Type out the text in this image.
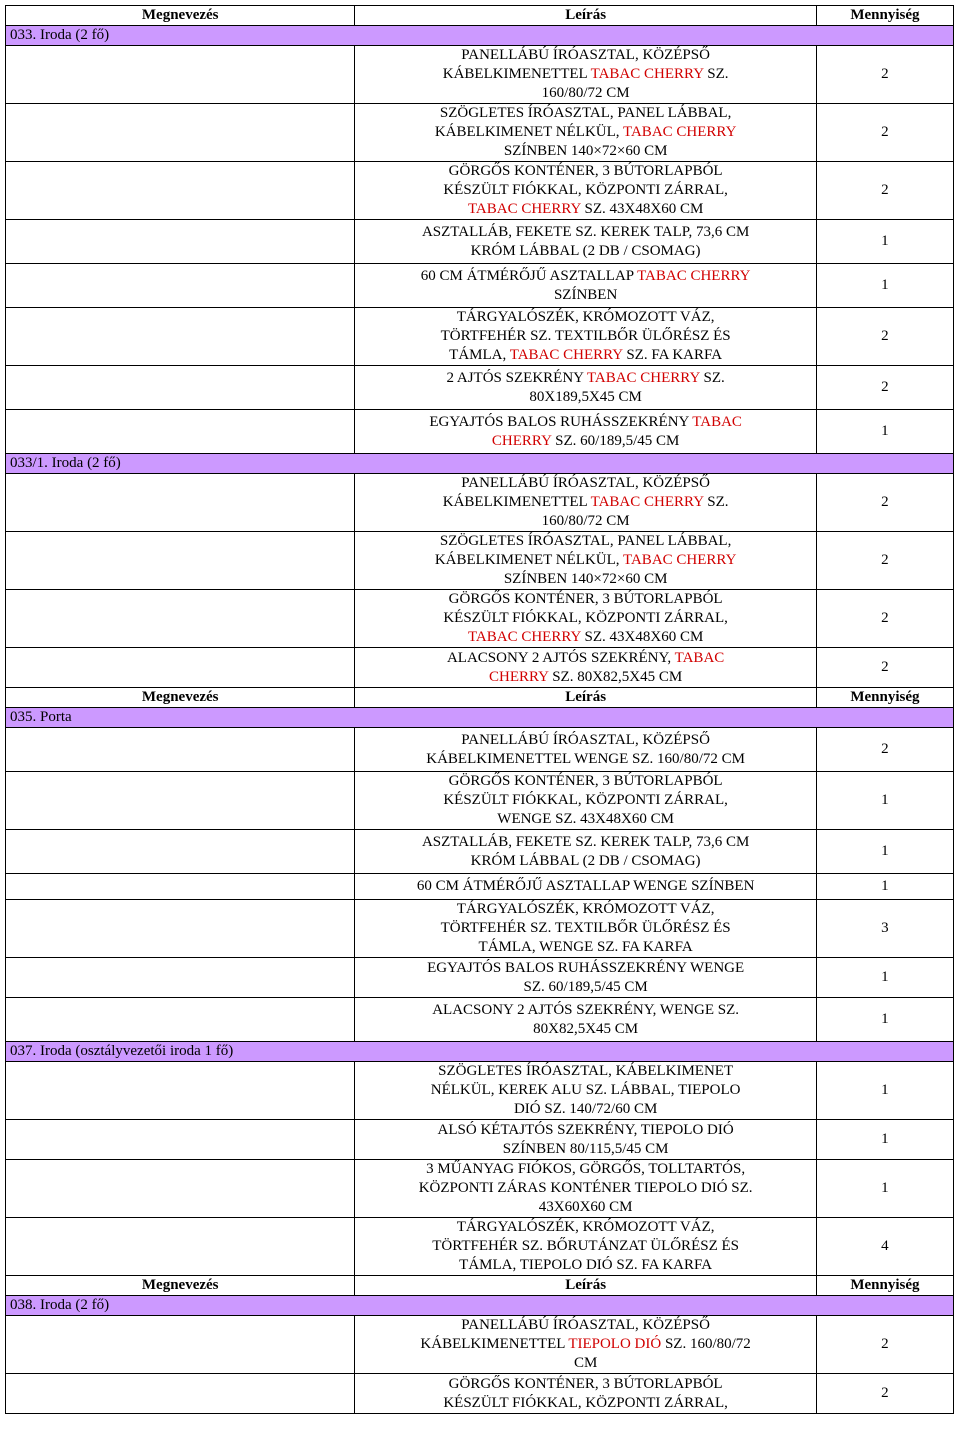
Megnevezés	Leírás	Mennyiség
033. Iroda (2 fő)		
	PANELLÁBÚ ÍRÓASZTAL, KÖZÉPSŐ
KÁBELKIMENETTEL TABAC CHERRY SZ.
160/80/72 CM	2
	SZÖGLETES ÍRÓASZTAL, PANEL LÁBBAL,
KÁBELKIMENET NÉLKÜL, TABAC CHERRY
SZÍNBEN 140×72×60 CM	2
	GÖRGŐS KONTÉNER, 3 BÚTORLAPBÓL
KÉSZÜLT FIÓKKAL, KÖZPONTI ZÁRRAL,
TABAC CHERRY SZ. 43X48X60 CM	2
	ASZTALLÁB, FEKETE SZ. KEREK TALP, 73,6 CM
KRÓM LÁBBAL (2 DB / CSOMAG)	1
	60 CM ÁTMÉRŐJŰ ASZTALLAP TABAC CHERRY
SZÍNBEN	1
	TÁRGYALÓSZÉK, KRÓMOZOTT VÁZ,
TÖRTFEHÉR SZ. TEXTILBŐR ÜLŐRÉSZ ÉS
TÁMLA, TABAC CHERRY SZ. FA KARFA	2
	2 AJTÓS SZEKRÉNY TABAC CHERRY SZ.
80X189,5X45 CM	2
	EGYAJTÓS BALOS RUHÁSSZEKRÉNY TABAC
CHERRY SZ. 60/189,5/45 CM	1
033/1. Iroda (2 fő)		
	PANELLÁBÚ ÍRÓASZTAL, KÖZÉPSŐ
KÁBELKIMENETTEL TABAC CHERRY SZ.
160/80/72 CM	2
	SZÖGLETES ÍRÓASZTAL, PANEL LÁBBAL,
KÁBELKIMENET NÉLKÜL, TABAC CHERRY
SZÍNBEN 140×72×60 CM	2
	GÖRGŐS KONTÉNER, 3 BÚTORLAPBÓL
KÉSZÜLT FIÓKKAL, KÖZPONTI ZÁRRAL,
TABAC CHERRY SZ. 43X48X60 CM	2
	ALACSONY 2 AJTÓS SZEKRÉNY, TABAC
CHERRY SZ. 80X82,5X45 CM	2
Megnevezés	Leírás	Mennyiség
035. Porta		
	PANELLÁBÚ ÍRÓASZTAL, KÖZÉPSŐ
KÁBELKIMENETTEL WENGE SZ. 160/80/72 CM	2
	GÖRGŐS KONTÉNER, 3 BÚTORLAPBÓL
KÉSZÜLT FIÓKKAL, KÖZPONTI ZÁRRAL,
WENGE SZ. 43X48X60 CM	1
	ASZTALLÁB, FEKETE SZ. KEREK TALP, 73,6 CM
KRÓM LÁBBAL (2 DB / CSOMAG)	1
	60 CM ÁTMÉRŐJŰ ASZTALLAP WENGE SZÍNBEN	1
	TÁRGYALÓSZÉK, KRÓMOZOTT VÁZ,
TÖRTFEHÉR SZ. TEXTILBŐR ÜLŐRÉSZ ÉS
TÁMLA, WENGE SZ. FA KARFA	3
	EGYAJTÓS BALOS RUHÁSSZEKRÉNY WENGE
SZ. 60/189,5/45 CM	1
	ALACSONY 2 AJTÓS SZEKRÉNY, WENGE SZ.
80X82,5X45 CM	1
037. Iroda (osztályvezetői iroda 1 fő)		
	SZÖGLETES ÍRÓASZTAL, KÁBELKIMENET
NÉLKÜL, KEREK ALU SZ. LÁBBAL, TIEPOLO
DIÓ SZ. 140/72/60 CM	1
	ALSÓ KÉTAJTÓS SZEKRÉNY, TIEPOLO DIÓ
SZÍNBEN 80/115,5/45 CM	1
	3 MŰANYAG FIÓKOS, GÖRGŐS, TOLLTARTÓS,
KÖZPONTI ZÁRAS KONTÉNER TIEPOLO DIÓ SZ.
43X60X60 CM	1
	TÁRGYALÓSZÉK, KRÓMOZOTT VÁZ,
TÖRTFEHÉR SZ. BŐRUTÁNZAT ÜLŐRÉSZ ÉS
TÁMLA, TIEPOLO DIÓ SZ. FA KARFA	4
Megnevezés	Leírás	Mennyiség
038. Iroda (2 fő)		
	PANELLÁBÚ ÍRÓASZTAL, KÖZÉPSŐ
KÁBELKIMENETTEL TIEPOLO DIÓ SZ. 160/80/72
CM	2
	GÖRGŐS KONTÉNER, 3 BÚTORLAPBÓL
KÉSZÜLT FIÓKKAL, KÖZPONTI ZÁRRAL,	2
